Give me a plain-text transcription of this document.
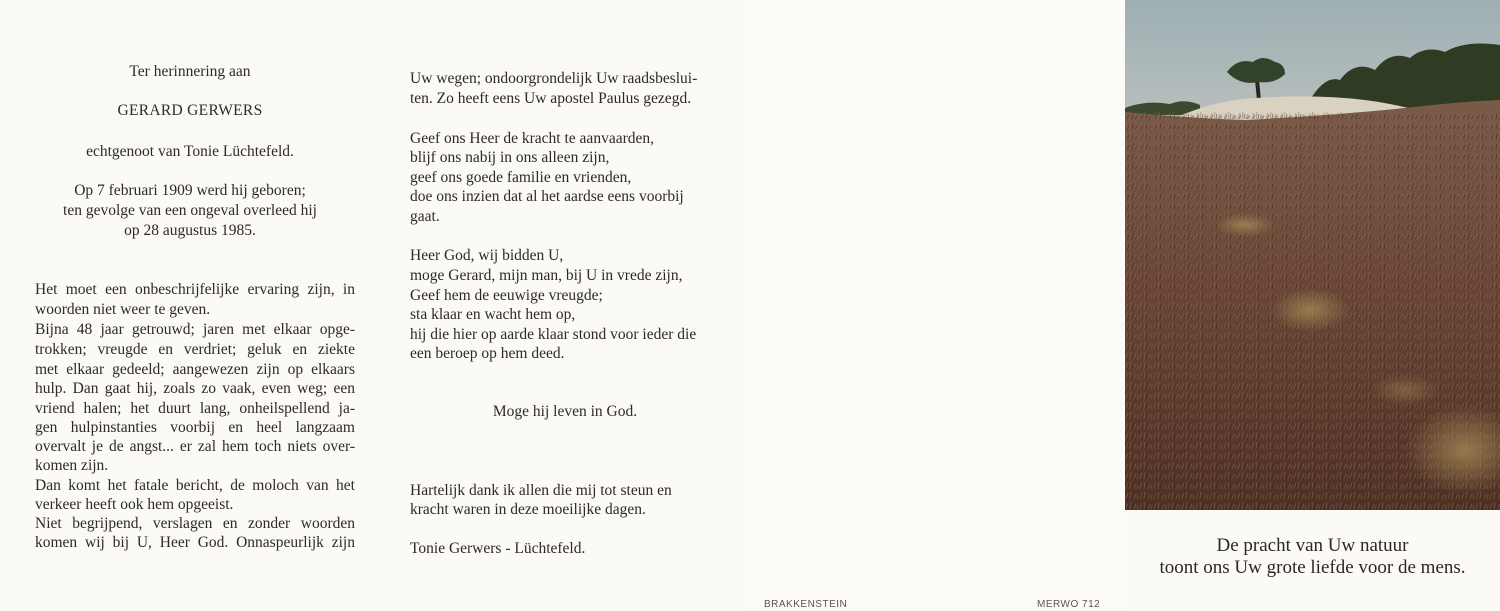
Ter herinnering aan
GERARD GERWERS
echtgenoot van Tonie Lüchtefeld.
Op 7 februari 1909 werd hij geboren;
ten gevolge van een ongeval overleed hij
op 28 augustus 1985.
Het moet een onbeschrijfelijke ervaring zijn, in
woorden niet weer te geven.
Bijna 48 jaar getrouwd; jaren met elkaar opge-
trokken; vreugde en verdriet; geluk en ziekte
met elkaar gedeeld; aangewezen zijn op elkaars
hulp. Dan gaat hij, zoals zo vaak, even weg; een
vriend halen; het duurt lang, onheilspellend ja-
gen hulpinstanties voorbij en heel langzaam
overvalt je de angst... er zal hem toch niets over-
komen zijn.
Dan komt het fatale bericht, de moloch van het
verkeer heeft ook hem opgeeist.
Niet begrijpend, verslagen en zonder woorden
komen wij bij U, Heer God. Onnaspeurlijk zijn
Uw wegen; ondoorgrondelijk Uw raadsbeslui-
ten. Zo heeft eens Uw apostel Paulus gezegd.
Geef ons Heer de kracht te aanvaarden,
blijf ons nabij in ons alleen zijn,
geef ons goede familie en vrienden,
doe ons inzien dat al het aardse eens voorbij
gaat.
Heer God, wij bidden U,
moge Gerard, mijn man, bij U in vrede zijn,
Geef hem de eeuwige vreugde;
sta klaar en wacht hem op,
hij die hier op aarde klaar stond voor ieder die
een beroep op hem deed.
Moge hij leven in God.
Hartelijk dank ik allen die mij tot steun en
kracht waren in deze moeilijke dagen.
Tonie Gerwers - Lüchtefeld.
BRAKKENSTEIN	MERWO 712
De pracht van Uw natuur
toont ons Uw grote liefde voor de mens.
